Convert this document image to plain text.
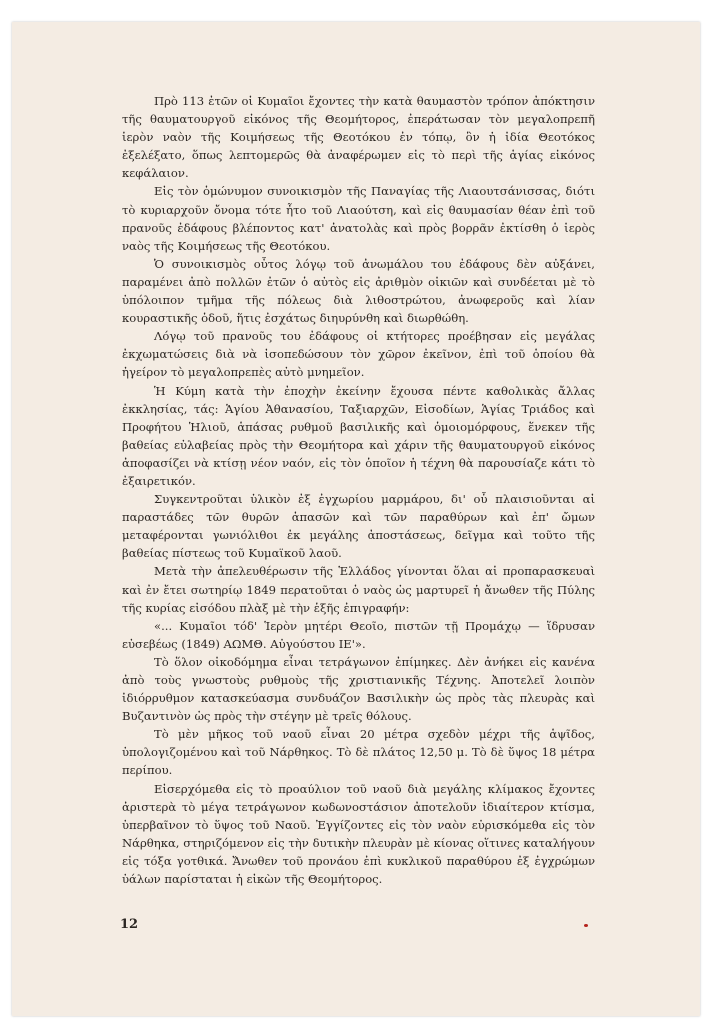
Πρὸ 113 ἐτῶν οἱ Κυμαῖοι ἔχοντες τὴν κατὰ θαυμαστὸν τρόπον ἀπόκτησιν τῆς θαυματουργοῦ εἰκόνος τῆς Θεομήτορος, ἐπεράτωσαν τὸν μεγαλοπρεπῆ ἱερὸν ναὸν τῆς Κοιμήσεως τῆς Θεοτόκου ἐν τόπῳ, ὃν ἡ ἰδία Θεοτόκος ἐξελέξατο, ὅπως λεπτομερῶς θὰ ἀναφέρωμεν εἰς τὸ περὶ τῆς ἁγίας εἰκόνος κεφάλαιον.

Εἰς τὸν ὁμώνυμον συνοικισμὸν τῆς Παναγίας τῆς Λιαουτσάνισσας, διότι τὸ κυριαρχοῦν ὄνομα τότε ἦτο τοῦ Λιαούτση, καὶ εἰς θαυμασίαν θέαν ἐπὶ τοῦ πρανοῦς ἐδάφους βλέποντος κατ' ἀνατολὰς καὶ πρὸς βορρᾶν ἐκτίσθη ὁ ἱερὸς ναὸς τῆς Κοιμήσεως τῆς Θεοτόκου.

Ὁ συνοικισμὸς οὗτος λόγῳ τοῦ ἀνωμάλου του ἐδάφους δὲν αὐξάνει, παραμένει ἀπὸ πολλῶν ἐτῶν ὁ αὐτὸς εἰς ἀριθμὸν οἰκιῶν καὶ συνδέεται μὲ τὸ ὑπόλοιπον τμῆμα τῆς πόλεως διὰ λιθοστρώτου, ἀνωφεροῦς καὶ λίαν κουραστικῆς ὁδοῦ, ἥτις ἐσχάτως διηυρύνθη καὶ διωρθώθη.

Λόγῳ τοῦ πρανοῦς του ἐδάφους οἱ κτήτορες προέβησαν εἰς μεγάλας ἐκχωματώσεις διὰ νὰ ἰσοπεδώσουν τὸν χῶρον ἐκεῖνον, ἐπὶ τοῦ ὁποίου θὰ ἠγείρον τὸ μεγαλοπρεπὲς αὐτὸ μνημεῖον.

Ἡ Κύμη κατὰ τὴν ἐποχὴν ἐκείνην ἔχουσα πέντε καθολικὰς ἄλλας ἐκκλησίας, τάς: Ἁγίου Ἀθανασίου, Ταξιαρχῶν, Εἰσοδίων, Ἁγίας Τριάδος καὶ Προφήτου Ἡλιοῦ, ἁπάσας ρυθμοῦ βασιλικῆς καὶ ὁμοιομόρφους, ἕνεκεν τῆς βαθείας εὐλαβείας πρὸς τὴν Θεομήτορα καὶ χάριν τῆς θαυματουργοῦ εἰκόνος ἀποφασίζει νὰ κτίσῃ νέον ναόν, εἰς τὸν ὁποῖον ἡ τέχνη θὰ παρουσίαζε κάτι τὸ ἐξαιρετικόν.

Συγκεντροῦται ὑλικὸν ἐξ ἐγχωρίου μαρμάρου, δι' οὗ πλαισιοῦνται αἱ παραστάδες τῶν θυρῶν ἁπασῶν καὶ τῶν παραθύρων καὶ ἐπ' ὤμων μεταφέρονται γωνιόλιθοι ἐκ μεγάλης ἀποστάσεως, δεῖγμα καὶ τοῦτο τῆς βαθείας πίστεως τοῦ Κυμαϊκοῦ λαοῦ.

Μετὰ τὴν ἀπελευθέρωσιν τῆς Ἑλλάδος γίνονται ὅλαι αἱ προπαρασκευαὶ καὶ ἐν ἔτει σωτηρίῳ 1849 περατοῦται ὁ ναὸς ὡς μαρτυρεῖ ἡ ἄνωθεν τῆς Πύλης τῆς κυρίας εἰσόδου πλὰξ μὲ τὴν ἑξῆς ἐπιγραφήν:

«... Κυμαῖοι τόδ' Ἱερὸν μητέρι Θεοῖο, πιστῶν τῇ Προμάχῳ — ἵδρυσαν εὐσεβέως (1849) ΑΩΜΘ. Αὐγούστου ΙΕ'».

Τὸ ὅλον οἰκοδόμημα εἶναι τετράγωνον ἐπίμηκες. Δὲν ἀνήκει εἰς κανένα ἀπὸ τοὺς γνωστοὺς ρυθμοὺς τῆς χριστιανικῆς Τέχνης. Ἀποτελεῖ λοιπὸν ἰδιόρρυθμον κατασκεύασμα συνδυάζον Βασιλικὴν ὡς πρὸς τὰς πλευρὰς καὶ Βυζαντινὸν ὡς πρὸς τὴν στέγην μὲ τρεῖς θόλους.

Τὸ μὲν μῆκος τοῦ ναοῦ εἶναι 20 μέτρα σχεδὸν μέχρι τῆς ἁψῖδος, ὑπολογιζομένου καὶ τοῦ Νάρθηκος. Τὸ δὲ πλάτος 12,50 μ. Τὸ δὲ ὕψος 18 μέτρα περίπου.

Εἰσερχόμεθα εἰς τὸ προαύλιον τοῦ ναοῦ διὰ μεγάλης κλίμακος ἔχοντες ἀριστερὰ τὸ μέγα τετράγωνον κωδωνοστάσιον ἀποτελοῦν ἰδιαίτερον κτίσμα, ὑπερβαῖνον τὸ ὕψος τοῦ Ναοῦ. Ἐγγίζοντες εἰς τὸν ναὸν εὑρισκόμεθα εἰς τὸν Νάρθηκα, στηριζόμενον εἰς τὴν δυτικὴν πλευρὰν μὲ κίονας οἵτινες καταλήγουν εἰς τόξα γοτθικά. Ἄνωθεν τοῦ προνάου ἐπὶ κυκλικοῦ παραθύρου ἐξ ἐγχρώμων ὑάλων παρίσταται ἡ εἰκὼν τῆς Θεομήτορος.

12
